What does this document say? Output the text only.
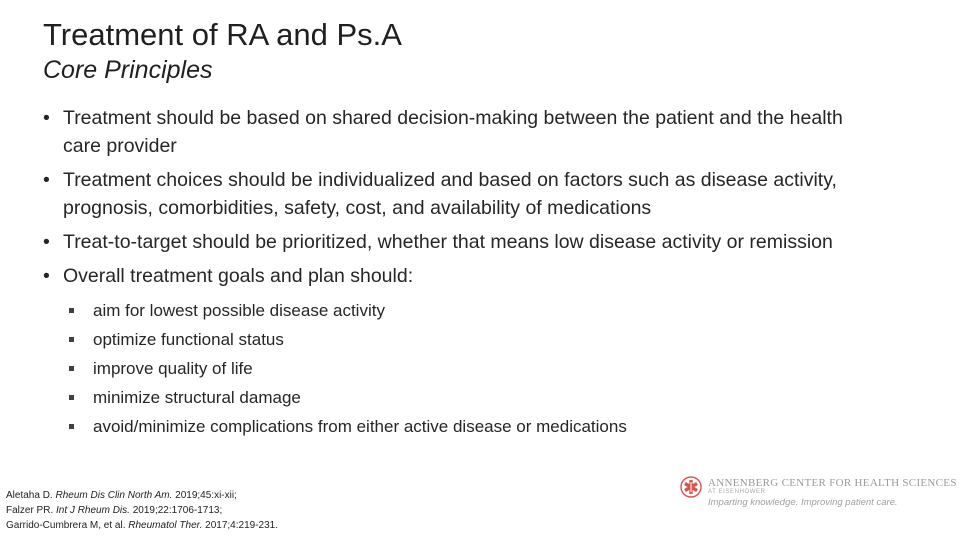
Treatment of RA and Ps.A
Core Principles
• Treatment should be based on shared decision-making between the patient and the health care provider
• Treatment choices should be individualized and based on factors such as disease activity, prognosis, comorbidities, safety, cost, and availability of medications
• Treat-to-target should be prioritized, whether that means low disease activity or remission
• Overall treatment goals and plan should:
aim for lowest possible disease activity
optimize functional status
improve quality of life
minimize structural damage
avoid/minimize complications from either active disease or medications
Aletaha D. Rheum Dis Clin North Am. 2019;45:xi-xii;
Falzer PR. Int J Rheum Dis. 2019;22:1706-1713;
Garrido-Cumbrera M, et al. Rheumatol Ther. 2017;4:219-231.
ANNENBERG CENTER FOR HEALTH SCIENCES
AT EISENHOWER
Imparting knowledge. Improving patient care.
